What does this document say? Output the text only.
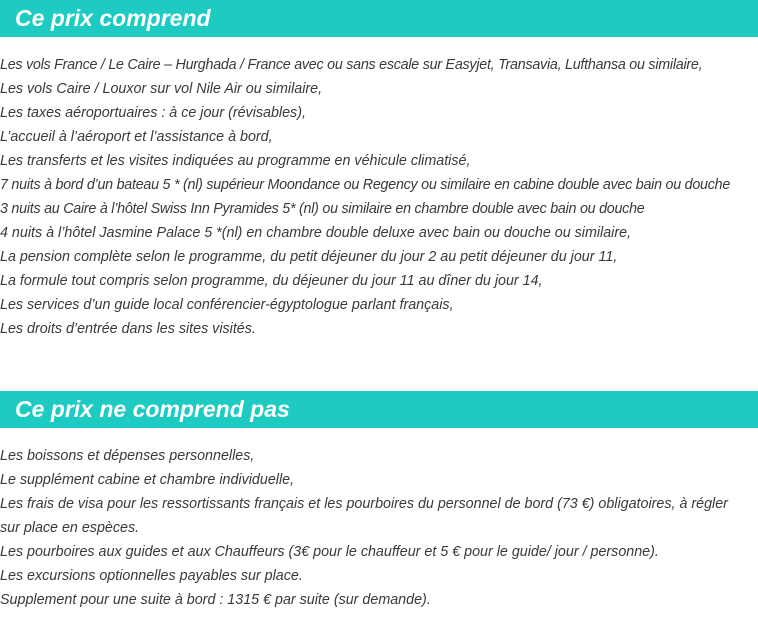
Ce prix comprend
Les vols France / Le Caire – Hurghada / France avec ou sans escale sur Easyjet, Transavia, Lufthansa ou similaire,
Les vols Caire / Louxor sur vol Nile Air ou similaire,
Les taxes aéroportuaires : à ce jour (révisables),
L’accueil à l’aéroport et l’assistance à bord,
Les transferts et les visites indiquées au programme en véhicule climatisé,
7 nuits à bord d’un bateau 5 * (nl) supérieur Moondance ou Regency ou similaire en cabine double avec bain ou douche
3 nuits au Caire à l’hôtel Swiss Inn Pyramides 5* (nl) ou similaire en chambre double avec bain ou douche
4 nuits à l’hôtel Jasmine Palace 5 *(nl) en chambre double deluxe avec bain ou douche ou similaire,
La pension complète selon le programme, du petit déjeuner du jour 2 au petit déjeuner du jour 11,
La formule tout compris selon programme, du déjeuner du jour 11 au dîner du jour 14,
Les services d’un guide local conférencier-égyptologue parlant français,
Les droits d’entrée dans les sites visités.
Ce prix ne comprend pas
Les boissons et dépenses personnelles,
Le supplément cabine et chambre individuelle,
Les frais de visa pour les ressortissants français et les pourboires du personnel de bord (73 €) obligatoires, à régler sur place en espèces.
Les pourboires aux guides et aux Chauffeurs (3€ pour le chauffeur et 5 € pour le guide/ jour / personne).
Les excursions optionnelles payables sur place.
Supplement pour une suite à bord : 1315 € par suite (sur demande).
